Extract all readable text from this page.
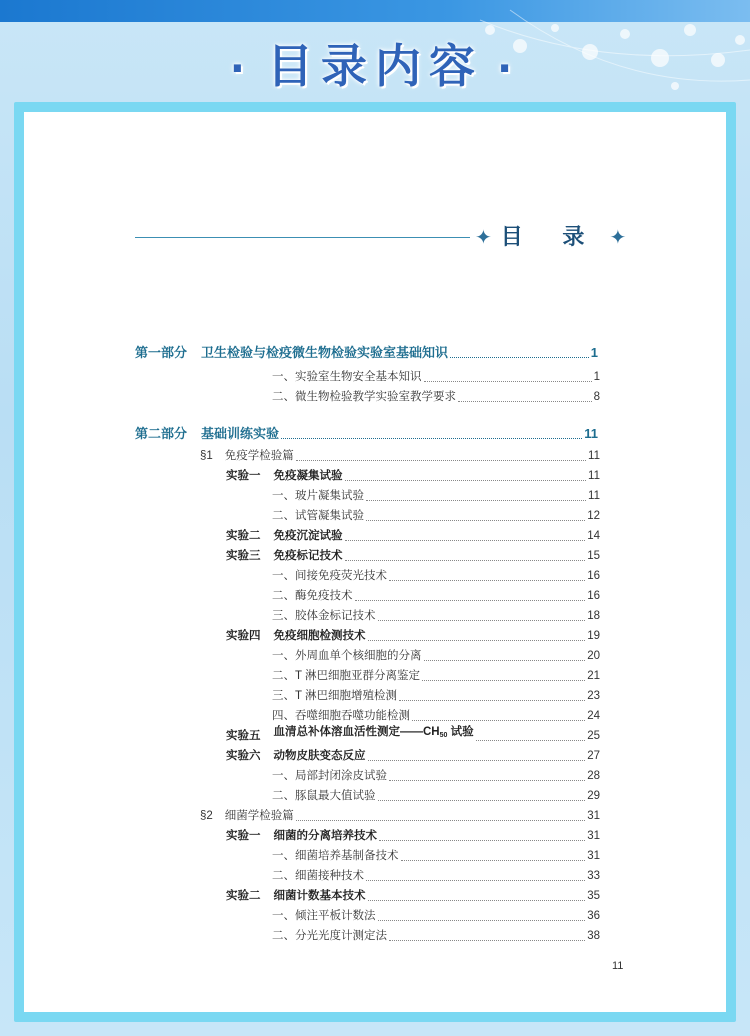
· 目录内容 ·
✦ 目 录 ✦
第一部分 卫生检验与检疫微生物检验实验室基础知识	1
一、实验室生物安全基本知识	1
二、微生物检验教学实验室教学要求	8
第二部分 基础训练实验	11
§1 免疫学检验篇	11
实验一 免疫凝集试验	11
一、玻片凝集试验	11
二、试管凝集试验	12
实验二 免疫沉淀试验	14
实验三 免疫标记技术	15
一、间接免疫荧光技术	16
二、酶免疫技术	16
三、胶体金标记技术	18
实验四 免疫细胞检测技术	19
一、外周血单个核细胞的分离	20
二、T 淋巴细胞亚群分离鉴定	21
三、T 淋巴细胞增殖检测	23
四、吞噬细胞吞噬功能检测	24
实验五 血清总补体溶血活性测定$——CH_{50}$ 试验	25
实验六 动物皮肤变态反应	27
一、局部封闭涂皮试验	28
二、豚鼠最大值试验	29
§2 细菌学检验篇	31
实验一 细菌的分离培养技术	31
一、细菌培养基制备技术	31
二、细菌接种技术	33
实验二 细菌计数基本技术	35
一、倾注平板计数法	36
二、分光光度计测定法	38
11
